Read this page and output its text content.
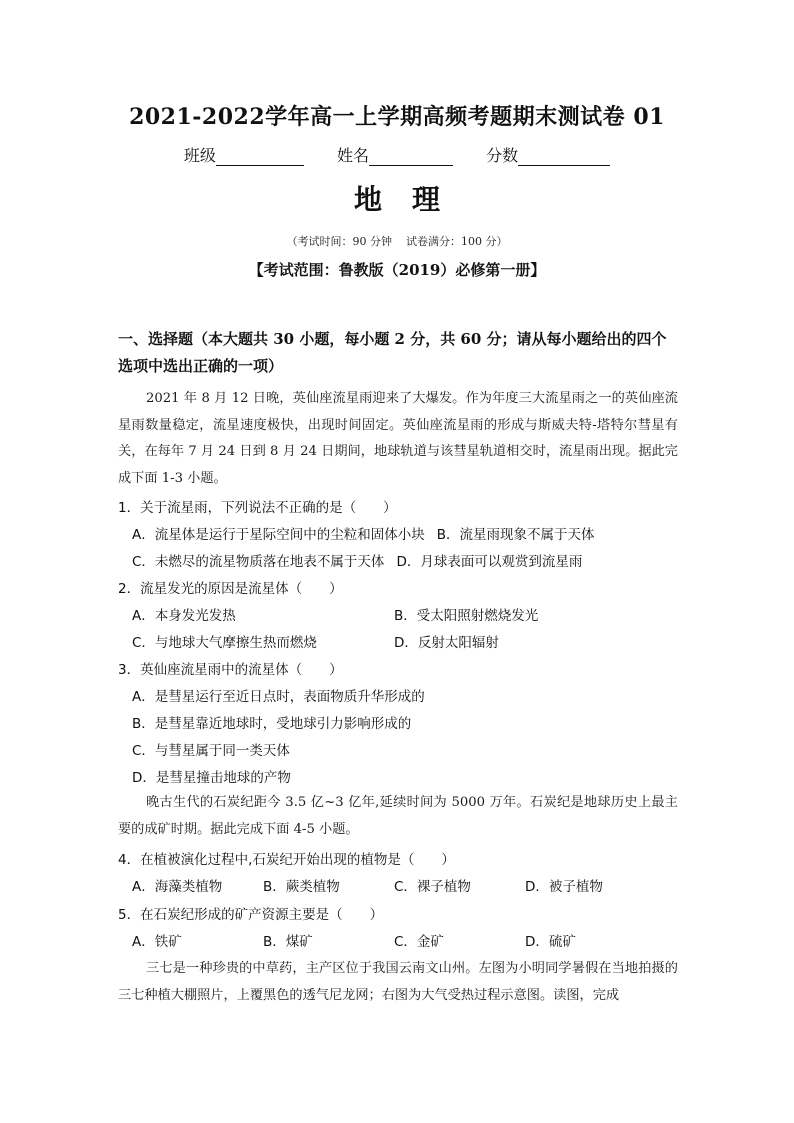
2021-2022学年高一上学期高频考题期末测试卷 01
班级	姓名	分数
地理
（考试时间：90 分钟 试卷满分：100 分）
【考试范围：鲁教版（2019）必修第一册】
一、选择题（本大题共 30 小题，每小题 2 分，共 60 分；请从每小题给出的四个选项中选出正确的一项）
2021 年 8 月 12 日晚，英仙座流星雨迎来了大爆发。作为年度三大流星雨之一的英仙座流星雨数量稳定，流星速度极快，出现时间固定。英仙座流星雨的形成与斯威夫特-塔特尔彗星有关，在每年 7 月 24 日到 8 月 24 日期间，地球轨道与该彗星轨道相交时，流星雨出现。据此完成下面 1-3 小题。
1．关于流星雨，下列说法不正确的是（　　）
A．流星体是运行于星际空间中的尘粒和固体小块 B．流星雨现象不属于天体
C．未燃尽的流星物质落在地表不属于天体 D．月球表面可以观赏到流星雨
2．流星发光的原因是流星体（　　）
A．本身发光发热	B．受太阳照射燃烧发光
C．与地球大气摩擦生热而燃烧	D．反射太阳辐射
3．英仙座流星雨中的流星体（　　）
A．是彗星运行至近日点时，表面物质升华形成的
B．是彗星靠近地球时，受地球引力影响形成的
C．与彗星属于同一类天体
D．是彗星撞击地球的产物
晚古生代的石炭纪距今 3.5 亿~3 亿年,延续时间为 5000 万年。石炭纪是地球历史上最主要的成矿时期。据此完成下面 4-5 小题。
4．在植被演化过程中,石炭纪开始出现的植物是（　　）
A．海藻类植物	B．蕨类植物	C．裸子植物	D．被子植物
5．在石炭纪形成的矿产资源主要是（　　）
A．铁矿	B．煤矿	C．金矿	D．硫矿
三七是一种珍贵的中草药，主产区位于我国云南文山州。左图为小明同学暑假在当地拍摄的三七种植大棚照片，上覆黑色的透气尼龙网；右图为大气受热过程示意图。读图，完成
